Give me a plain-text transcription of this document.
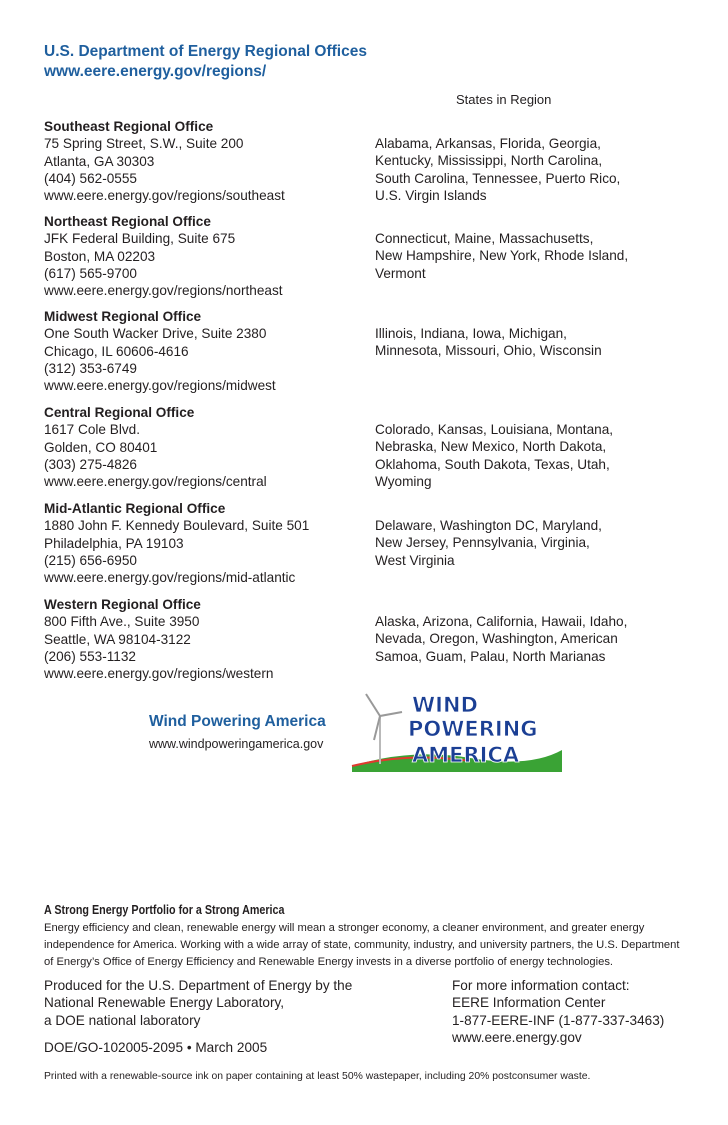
U.S. Department of Energy Regional Offices
www.eere.energy.gov/regions/
States in Region
Southeast Regional Office
75 Spring Street, S.W., Suite 200
Atlanta, GA 30303
(404) 562-0555
www.eere.energy.gov/regions/southeast
Alabama, Arkansas, Florida, Georgia,
Kentucky, Mississippi, North Carolina,
South Carolina, Tennessee, Puerto Rico,
U.S. Virgin Islands
Northeast Regional Office
JFK Federal Building, Suite 675
Boston, MA 02203
(617) 565-9700
www.eere.energy.gov/regions/northeast
Connecticut, Maine, Massachusetts,
New Hampshire, New York, Rhode Island,
Vermont
Midwest Regional Office
One South Wacker Drive, Suite 2380
Chicago, IL 60606-4616
(312) 353-6749
www.eere.energy.gov/regions/midwest
Illinois, Indiana, Iowa, Michigan,
Minnesota, Missouri, Ohio, Wisconsin
Central Regional Office
1617 Cole Blvd.
Golden, CO 80401
(303) 275-4826
www.eere.energy.gov/regions/central
Colorado, Kansas, Louisiana, Montana,
Nebraska, New Mexico, North Dakota,
Oklahoma, South Dakota, Texas, Utah,
Wyoming
Mid-Atlantic Regional Office
1880 John F. Kennedy Boulevard, Suite 501
Philadelphia, PA 19103
(215) 656-6950
www.eere.energy.gov/regions/mid-atlantic
Delaware, Washington DC, Maryland,
New Jersey, Pennsylvania, Virginia,
West Virginia
Western Regional Office
800 Fifth Ave., Suite 3950
Seattle, WA 98104-3122
(206) 553-1132
www.eere.energy.gov/regions/western
Alaska, Arizona, California, Hawaii, Idaho,
Nevada, Oregon, Washington, American
Samoa, Guam, Palau, North Marianas
Wind Powering America
www.windpoweringamerica.gov
WIND
POWERING
AMERICA
A Strong Energy Portfolio for a Strong America
Energy efficiency and clean, renewable energy will mean a stronger economy, a cleaner environment, and greater energy independence for America. Working with a wide array of state, community, industry, and university partners, the U.S. Department of Energy’s Office of Energy Efficiency and Renewable Energy invests in a diverse portfolio of energy technologies.
Produced for the U.S. Department of Energy by the
National Renewable Energy Laboratory,
a DOE national laboratory
DOE/GO-102005-2095 • March 2005
For more information contact:
EERE Information Center
1-877-EERE-INF (1-877-337-3463)
www.eere.energy.gov
Printed with a renewable-source ink on paper containing at least 50% wastepaper, including 20% postconsumer waste.
